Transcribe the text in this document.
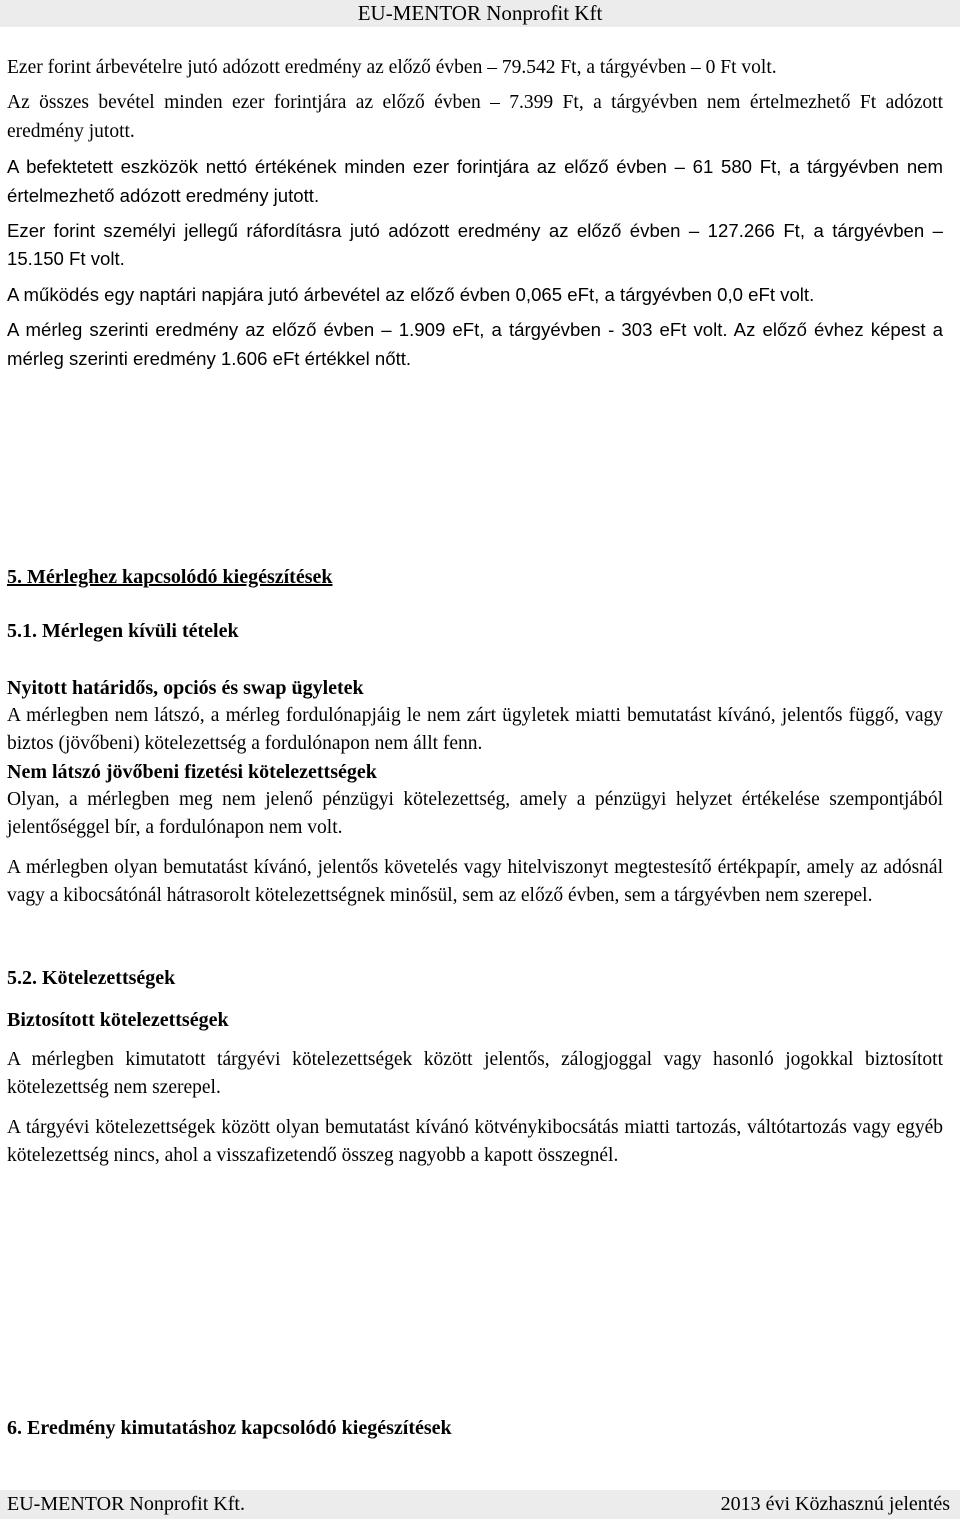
EU-MENTOR Nonprofit Kft

Ezer forint árbevételre jutó adózott eredmény az előző évben – 79.542 Ft, a tárgyévben – 0 Ft volt.

Az összes bevétel minden ezer forintjára az előző évben – 7.399 Ft, a tárgyévben nem értelmezhető Ft adózott eredmény jutott.

A befektetett eszközök nettó értékének minden ezer forintjára az előző évben – 61 580 Ft, a tárgyévben nem értelmezhető adózott eredmény jutott.

Ezer forint személyi jellegű ráfordításra jutó adózott eredmény az előző évben – 127.266 Ft, a tárgyévben – 15.150 Ft volt.

A működés egy naptári napjára jutó árbevétel az előző évben 0,065 eFt, a tárgyévben 0,0 eFt volt.

A mérleg szerinti eredmény az előző évben – 1.909 eFt, a tárgyévben - 303 eFt volt. Az előző évhez képest a mérleg szerinti eredmény 1.606 eFt értékkel nőtt.

5. Mérleghez kapcsolódó kiegészítések
5.1. Mérlegen kívüli tételek
Nyitott határidős, opciós és swap ügyletek

A mérlegben nem látszó, a mérleg fordulónapjáig le nem zárt ügyletek miatti bemutatást kívánó, jelentős függő, vagy biztos (jövőbeni) kötelezettség a fordulónapon nem állt fenn.

Nem látszó jövőbeni fizetési kötelezettségek

Olyan, a mérlegben meg nem jelenő pénzügyi kötelezettség, amely a pénzügyi helyzet értékelése szempontjából jelentőséggel bír, a fordulónapon nem volt.

A mérlegben olyan bemutatást kívánó, jelentős követelés vagy hitelviszonyt megtestesítő értékpapír, amely az adósnál vagy a kibocsátónál hátrasorolt kötelezettségnek minősül, sem az előző évben, sem a tárgyévben nem szerepel.

5.2. Kötelezettségek
Biztosított kötelezettségek

A mérlegben kimutatott tárgyévi kötelezettségek között jelentős, zálogjoggal vagy hasonló jogokkal biztosított kötelezettség nem szerepel.

A tárgyévi kötelezettségek között olyan bemutatást kívánó kötvénykibocsátás miatti tartozás, váltótartozás vagy egyéb kötelezettség nincs, ahol a visszafizetendő összeg nagyobb a kapott összegnél.

6. Eredmény kimutatáshoz kapcsolódó kiegészítések
EU-MENTOR Nonprofit Kft.	2013 évi Közhasznú jelentés
